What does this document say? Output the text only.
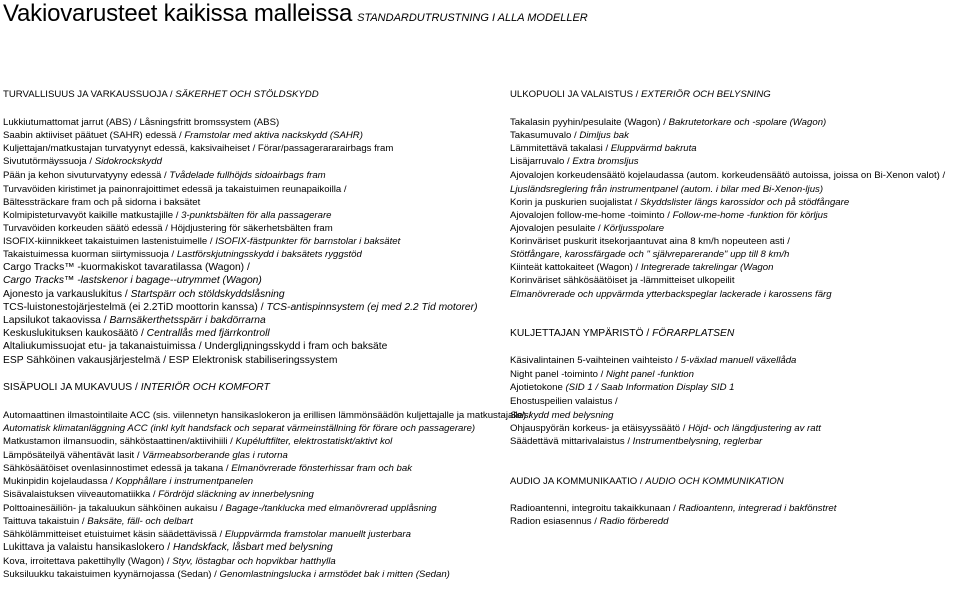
Vakiovarusteet kaikissa malleissa STANDARDUTRUSTNING I ALLA MODELLER
TURVALLISUUS JA VARKAUSSUOJA / SÄKERHET OCH STÖLDSKYDD
Lukkiutumattomat jarrut (ABS) / Låsningsfritt bromssystem (ABS)
Saabin aktiiviset päätuet (SAHR) edessä / Framstolar med aktiva nackskydd (SAHR)
Kuljettajan/matkustajan turvatyynyt edessä, kaksivaiheiset / Förar/passagerararairbags fram
Sivututörmäyssuoja / Sidokrockskydd
Pään ja kehon sivuturvatyyny edessä / Tvådelade fullhöjds sidoairbags fram
Turvavöiden kiristimet ja painonrajoittimet edessä ja takaistuimen reunapaikoilla /
Bältessträckare fram och på sidorna i baksätet
Kolmipisteturvavyöt kaikille matkustajille / 3-punktsbälten för alla passagerare
Turvavöiden korkeuden säätö edessä / Höjdjustering för säkerhetsbälten fram
ISOFIX-kiinnikkeet takaistuimen lastenistuimelle / ISOFIX-fästpunkter för barnstolar i baksätet
Takaistuimessa kuorman siirtymissuoja / Lastförskjutningsskydd i baksätets ryggstöd
Cargo Tracks™ -kuormakiskot tavaratilassa (Wagon) /
Cargo Tracks™ -lastskenor i bagage--utrymmet (Wagon)
Ajonesto ja varkauslukitus / Startspärr och stöldskyddslåsning
TCS-luistonestojärjestelmä (ei 2.2TiD moottorin kanssa) / TCS-antispinnsystem (ej med 2.2 Tid motorer)
Lapsilukot takaovissa / Barnsäkerthetsspärr i bakdörrarna
Keskuslukituksen kaukosäätö / Centrallås med fjärrkontroll
Altaliukumissuojat etu- ja takanaistuimissa / Undergliдningsskydd i fram och baksäte
ESP Sähköinen vakausjärjestelmä / ESP Elektronisk stabiliseringssystem
SISÄPUOLI JA MUKAVUUS / INTERIÖR OCH KOMFORT
Automaattinen ilmastointilaite ACC (sis. viilennetyn hansikaslokeron ja erillisen lämmönsäädön kuljettajalle ja matkustajalle) /
Automatisk klimatanläggning ACC (inkl kylt handsfack och separat värmeinställning för förare och passagerare)
Matkustamon ilmansuodin, sähköstaattinen/aktiivihiili / Kupéluftfilter, elektrostatiskt/aktivt kol
Lämpösäteilyä vähentävät lasit / Värmeabsorberande glas i rutorna
Sähkösäätöiset ovenlasinnostimet edessä ja takana / Elmanövrerade fönsterhissar fram och bak
Mukinpidin kojelaudassa / Kopphållare i instrumentpanelen
Sisävalaistuksen viiveautomatiikka / Fördröjd släckning av innerbelysning
Polttoainesäiliön- ja takaluukun sähköinen aukaisu / Bagage-/tanklucka med elmanövrerad upplåsning
Taittuva takaistuin / Baksäte, fäll- och delbart
Sähkölämmitteiset etuistuimet käsin säädettävissä / Eluppvärmda framstolar manuellt justerbara
Lukittava ja valaistu hansikaslokero / Handskfack, låsbart med belysning
Kova, irroitettava pakettihylly (Wagon) / Styv, löstagbar och hopvikbar hatthylla
Suksiluukku takaistuimen kyynärnojassa (Sedan) / Genomlastningslucka i armstödet bak i mitten (Sedan)
ULKOPUOLI JA VALAISTUS / EXTERIÖR OCH BELYSNING
Takalasin pyyhin/pesulaite (Wagon) / Bakrutetorkare och -spolare (Wagon)
Takasumuvalo / Dimljus bak
Lämmitettävä takalasi / Eluppvärmd bakruta
Lisäjarruvalo / Extra bromsljus
Ajovalojen korkeudensäätö kojelaudassa (autom. korkeudensäätö autoissa, joissa on Bi-Xenon valot) /
Ljusländsreglering från instrumentpanel (autom. i bilar med Bi-Xenon-ljus)
Korin ja puskurien suojalistat / Skyddslister längs karossidor och på stödfångare
Ajovalojen follow-me-home -toiminto / Follow-me-home -funktion för körljus
Ajovalojen pesulaite / Körljusspolare
Korinväriset puskurit itsekorjaantuvat aina 8 km/h nopeuteen asti /
Stötfångare, karossfärgade och " självreparerande" upp till 8 km/h
Kiinteät kattokaiteet (Wagon) / Integrerade takrelingar (Wagon
Korinväriset sähkösäätöiset ja -lämmitteiset ulkopeilit
Elmanövrerade och uppvärmda ytterbackspeglar lackerade i karossens färg
KULJETTAJAN YMPÄRISTÖ / FÖRARPLATSEN
Käsivalintainen 5-vaihteinen vaihteisto / 5-växlad manuell växellåda
Night panel -toiminto / Night panel -funktion
Ajotietokone (SID 1 / Saab Information Display SID 1
Ehostuspeilien valaistus /
Solskydd med belysning
Ohjauspyörän korkeus- ja etäisyyssäätö / Höjd- och längdjustering av ratt
Säädettävä mittarivalaistus / Instrumentbelysning, reglerbar
AUDIO JA KOMMUNIKAATIO / AUDIO OCH KOMMUNIKATION
Radioantenni, integroitu takaikkunaan / Radioantenn, integrerad i bakfönstret
Radion esiasennus / Radio förberedd
